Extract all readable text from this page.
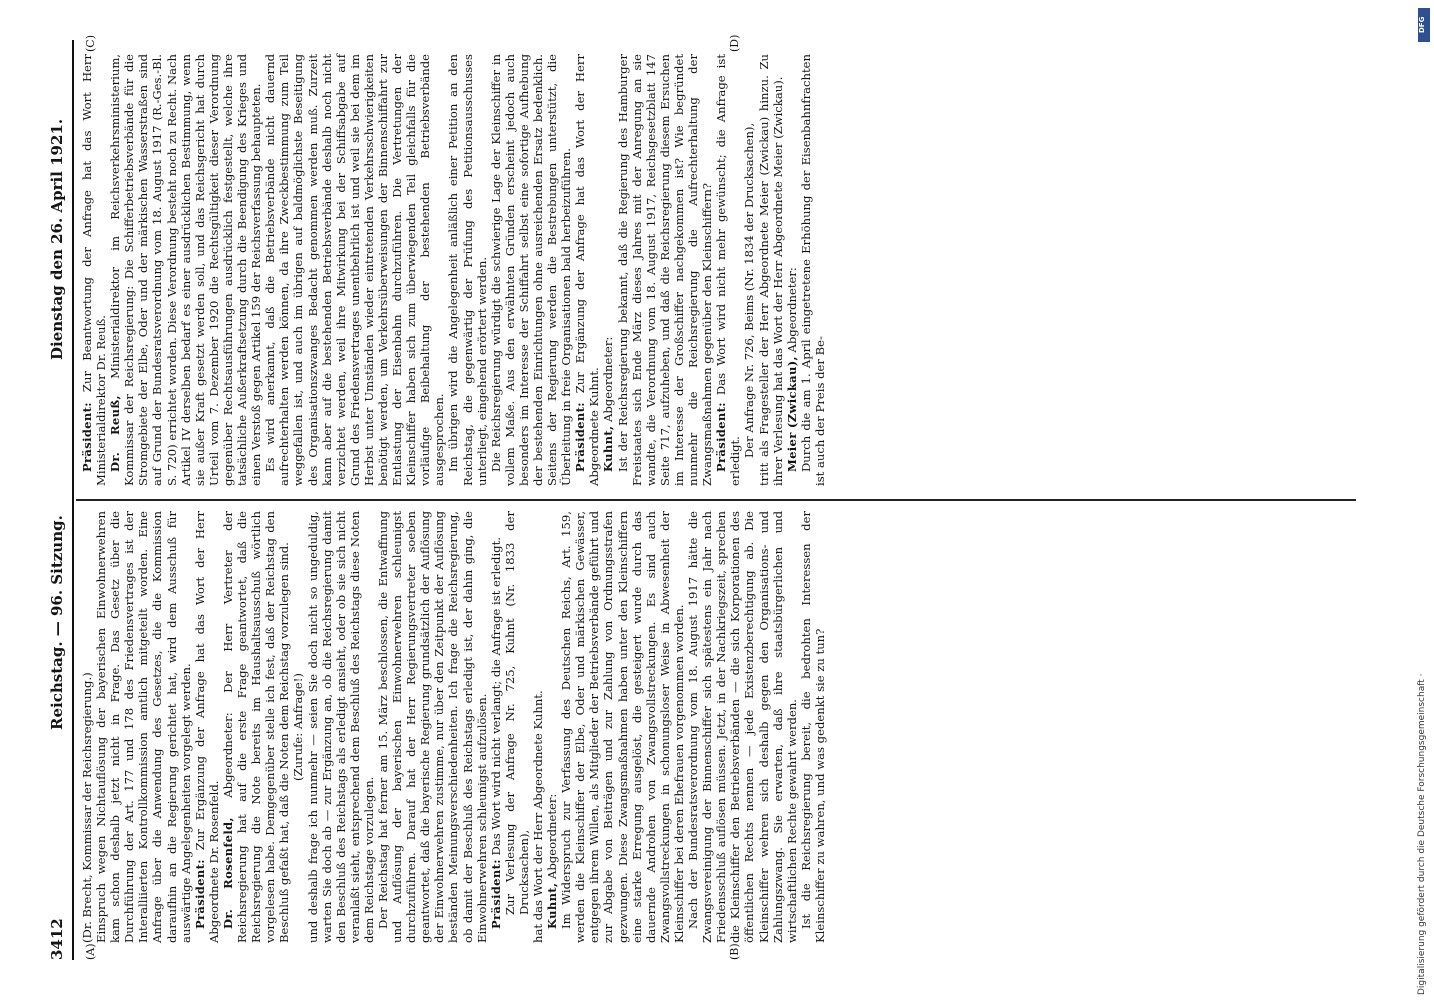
3412
Reichstag. — 96. Sitzung.
Dienstag den 26. April 1921.
(A)	(B)
(C)	(D)

(Dr. Brecht, Kommissar der Reichsregierung.) Einspruch wegen Nichtauflösung der bayerischen Einwohnerwehren kam schon deshalb jetzt nicht in Frage. Das Gesetz über die Durchführung der Art. 177 und 178 des Friedensvertrages ist der Interalliierten Kontrollkommission amtlich mitgeteilt worden. Eine Anfrage über die Anwendung des Gesetzes, die die Kommission daraufhin an die Regierung gerichtet hat, wird dem Ausschuß für auswärtige Angelegenheiten vorgelegt werden. Präsident: Zur Ergänzung der Anfrage hat das Wort der Herr Abgeordnete Dr. Rosenfeld. Dr. Rosenfeld, Abgeordneter: Der Herr Vertreter der Reichsregierung hat auf die erste Frage geantwortet, daß die Reichsregierung die Note bereits im Haushaltsausschuß wörtlich vorgelesen habe. Demgegenüber stelle ich fest, daß der Reichstag den Beschluß gefaßt hat, daß die Noten dem Reichstag vorzulegen sind. (Zurufe: Anfrage!) und deshalb frage ich nunmehr — seien Sie doch nicht so ungeduldig, warten Sie doch ab — zur Ergänzung an, ob die Reichsregierung damit den Beschluß des Reichstags als erledigt ansieht, oder ob sie sich nicht veranlaßt sieht, entsprechend dem Beschluß des Reichstags diese Noten dem Reichstage vorzulegen. Der Reichstag hat ferner am 15. März beschlossen, die Entwaffnung und Auflösung der bayerischen Einwohnerwehren schleunigst durchzuführen. Darauf hat der Herr Regierungsvertreter soeben geantwortet, daß die bayerische Regierung grundsätzlich der Auflösung der Einwohnerwehren zustimme, nur über den Zeitpunkt der Auflösung beständen Meinungsverschiedenheiten. Ich frage die Reichsregierung, ob damit der Beschluß des Reichstags erledigt ist, der dahin ging, die Einwohnerwehren schleunigst aufzulösen. Präsident: Das Wort wird nicht verlangt; die Anfrage ist erledigt. Zur Verlesung der Anfrage Nr. 725, Kuhnt (Nr. 1833 der Drucksachen), hat das Wort der Herr Abgeordnete Kuhnt. Kuhnt, Abgeordneter: Im Widerspruch zur Verfassung des Deutschen Reichs, Art. 159, werden die Kleinschiffer der Elbe, Oder und märkischen Gewässer, entgegen ihrem Willen, als Mitglieder der Betriebsverbände geführt und zur Abgabe von Beiträgen und zur Zahlung von Ordnungsstrafen gezwungen. Diese Zwangsmaßnahmen haben unter den Kleinschiffern eine starke Erregung ausgelöst, die gesteigert wurde durch das dauernde Androhen von Zwangsvollstreckungen. Es sind auch Zwangsvollstreckungen in schonungsloser Weise in Abwesenheit der Kleinschiffer bei deren Ehefrauen vorgenommen worden. Nach der Bundesratsverordnung vom 18. August 1917 hätte die Zwangsvereinigung der Binnenschiffer sich spätestens ein Jahr nach Friedensschluß auflösen müssen. Jetzt, in der Nachkriegszeit, sprechen die Kleinschiffer den Betriebsverbänden — die sich Korporationen des öffentlichen Rechts nennen — jede Existenzberechtigung ab. Die Kleinschiffer wehren sich deshalb gegen den Organisations- und Zahlungszwang. Sie erwarten, daß ihre staatsbürgerlichen und wirtschaftlichen Rechte gewahrt werden. Ist die Reichsregierung bereit, die bedrohten Interessen der Kleinschiffer zu wahren, und was gedenkt sie zu tun?

Präsident: Zur Beantwortung der Anfrage hat das Wort Herr Ministerialdirektor Dr. Reuß. Dr. Reuß, Ministerialdirektor im Reichsverkehrsministerium, Kommissar der Reichsregierung: Die Schifferbetriebsverbände für die Stromgebiete der Elbe, Oder und der märkischen Wasserstraßen sind auf Grund der Bundesratsverordnung vom 18. August 1917 (R.-Ges.-Bl. S. 720) errichtet worden. Diese Verordnung besteht noch zu Recht. Nach Artikel IV derselben bedarf es einer ausdrücklichen Bestimmung, wenn sie außer Kraft gesetzt werden soll, und das Reichsgericht hat durch Urteil vom 7. Dezember 1920 die Rechtsgültigkeit dieser Verordnung gegenüber Rechtsausführungen ausdrücklich festgestellt, welche ihre tatsächliche Außerkraftsetzung durch die Beendigung des Krieges und einen Verstoß gegen Artikel 159 der Reichsverfassung behaupteten. Es wird anerkannt, daß die Betriebsverbände nicht dauernd aufrechterhalten werden können, da ihre Zweckbestimmung zum Teil weggefallen ist, und auch im übrigen auf baldmöglichste Beseitigung des Organisationszwanges Bedacht genommen werden muß. Zurzeit kann aber auf die bestehenden Betriebsverbände deshalb noch nicht verzichtet werden, weil ihre Mitwirkung bei der Schiffsabgabe auf Grund des Friedensvertrages unentbehrlich ist und weil sie bei dem im Herbst unter Umständen wieder eintretenden Verkehrsschwierigkeiten benötigt werden, um Verkehrsüberweisungen der Binnenschiffahrt zur Entlastung der Eisenbahn durchzuführen. Die Vertretungen der Kleinschiffer haben sich zum überwiegenden Teil gleichfalls für die vorläufige Beibehaltung der bestehenden Betriebsverbände ausgesprochen. Im übrigen wird die Angelegenheit anläßlich einer Petition an den Reichstag, die gegenwärtig der Prüfung des Petitionsausschusses unterliegt, eingehend erörtert werden. Die Reichsregierung würdigt die schwierige Lage der Kleinschiffer in vollem Maße. Aus den erwähnten Gründen erscheint jedoch auch besonders im Interesse der Schiffahrt selbst eine sofortige Aufhebung der bestehenden Einrichtungen ohne ausreichenden Ersatz bedenklich. Seitens der Regierung werden die Bestrebungen unterstützt, die Überleitung in freie Organisationen bald herbeizuführen. Präsident: Zur Ergänzung der Anfrage hat das Wort der Herr Abgeordnete Kuhnt. Kuhnt, Abgeordneter: Ist der Reichsregierung bekannt, daß die Regierung des Hamburger Freistaates sich Ende März dieses Jahres mit der Anregung an sie wandte, die Verordnung vom 18. August 1917, Reichsgesetzblatt 147 Seite 717, aufzuheben, und daß die Reichsregierung diesem Ersuchen im Interesse der Großschiffer nachgekommen ist? Wie begründet nunmehr die Reichsregierung die Aufrechterhaltung der Zwangsmaßnahmen gegenüber den Kleinschiffern? Präsident: Das Wort wird nicht mehr gewünscht; die Anfrage ist erledigt.

Der Anfrage Nr. 726, Beims (Nr. 1834 der Drucksachen), tritt als Fragesteller der Herr Abgeordnete Meier (Zwickau) hinzu. Zu ihrer Verlesung hat das Wort der Herr Abgeordnete Meier (Zwickau). Meier (Zwickau), Abgeordneter: Durch die am 1. April eingetretene Erhöhung der Eisenbahnfrachten ist auch der Preis der Be-

DFG
Digitalisierung gefördert durch die Deutsche Forschungsgemeinschaft ·
